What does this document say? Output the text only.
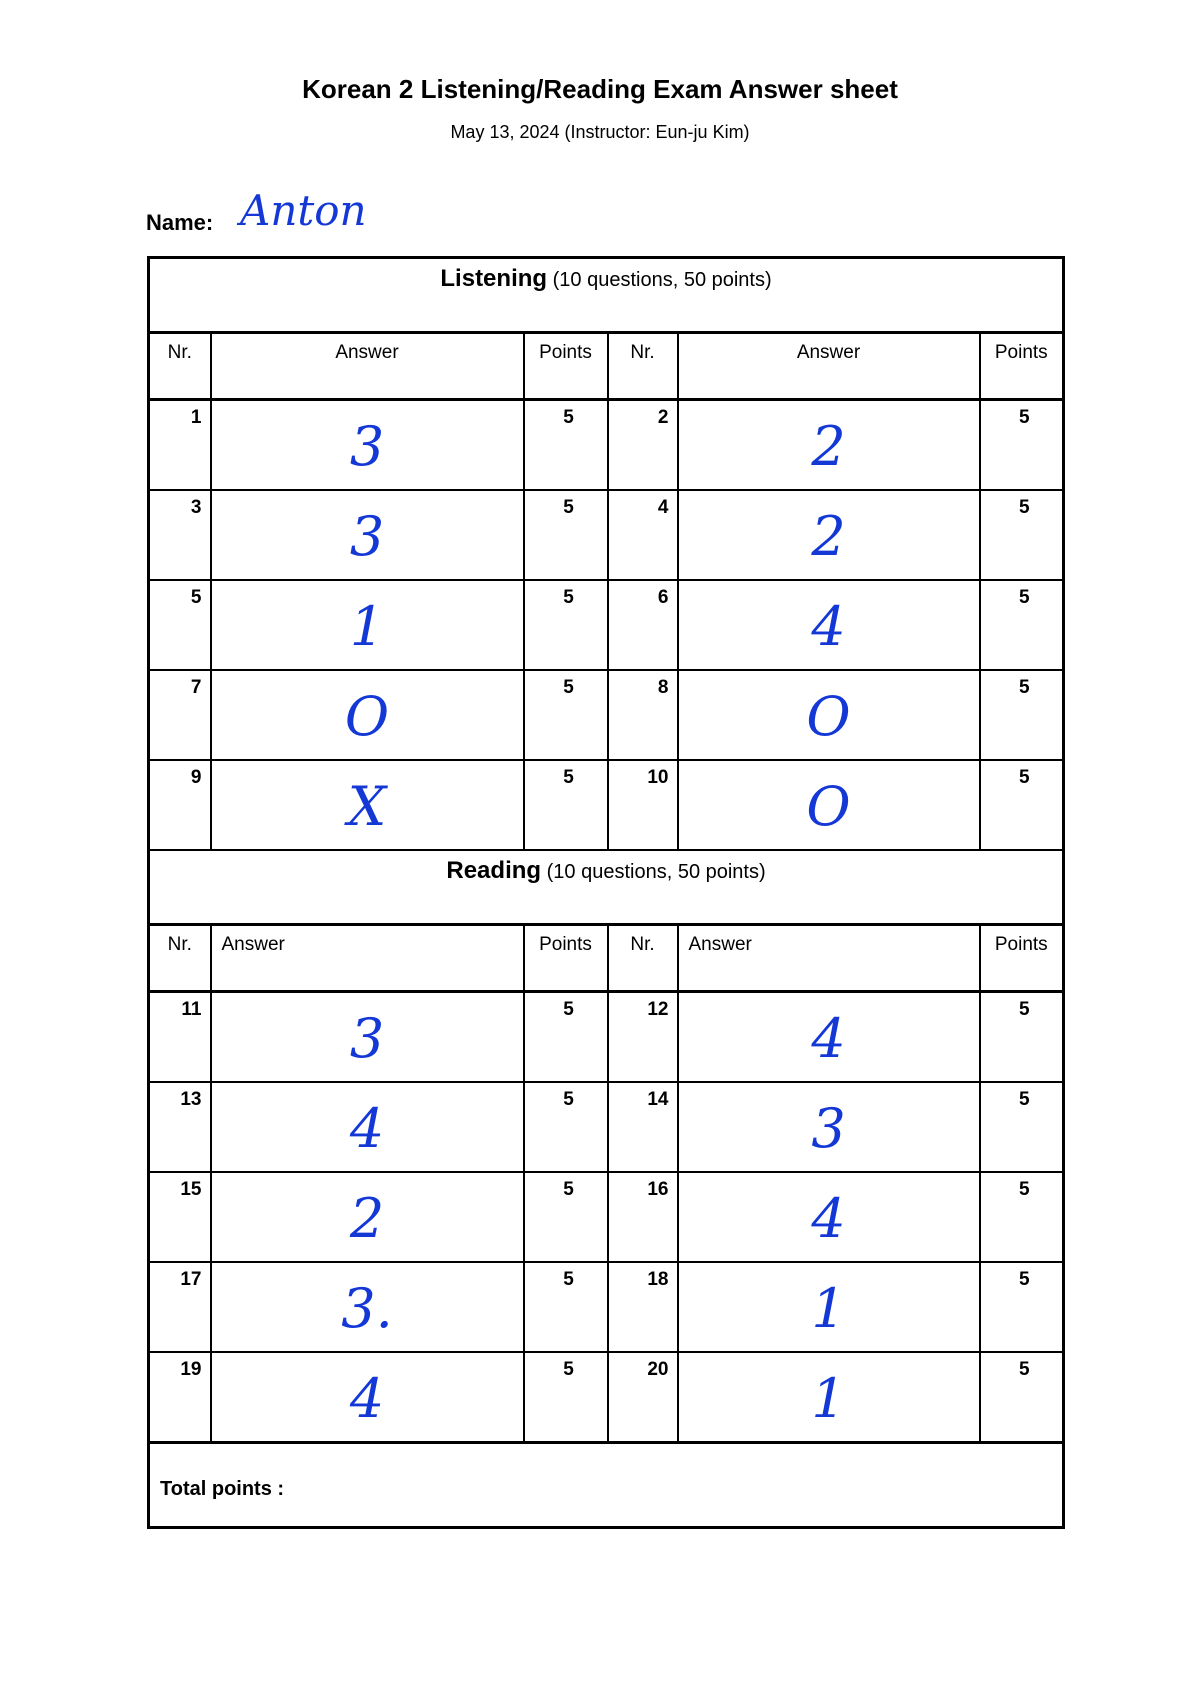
Korean 2 Listening/Reading Exam Answer sheet
May 13, 2024 (Instructor: Eun-ju Kim)
Name: Anton
Listening (10 questions, 50 points)					
Nr.	Answer	Points	Nr.	Answer	Points
1	3	5	2	2	5
3	3	5	4	2	5
5	1	5	6	4	5
7	O	5	8	O	5
9	X	5	10	O	5
Reading (10 questions, 50 points)					
Nr.	Answer	Points	Nr.	Answer	Points
11	3	5	12	4	5
13	4	5	14	3	5
15	2	5	16	4	5
17	3.	5	18	1	5
19	4	5	20	1	5

Total points :					
